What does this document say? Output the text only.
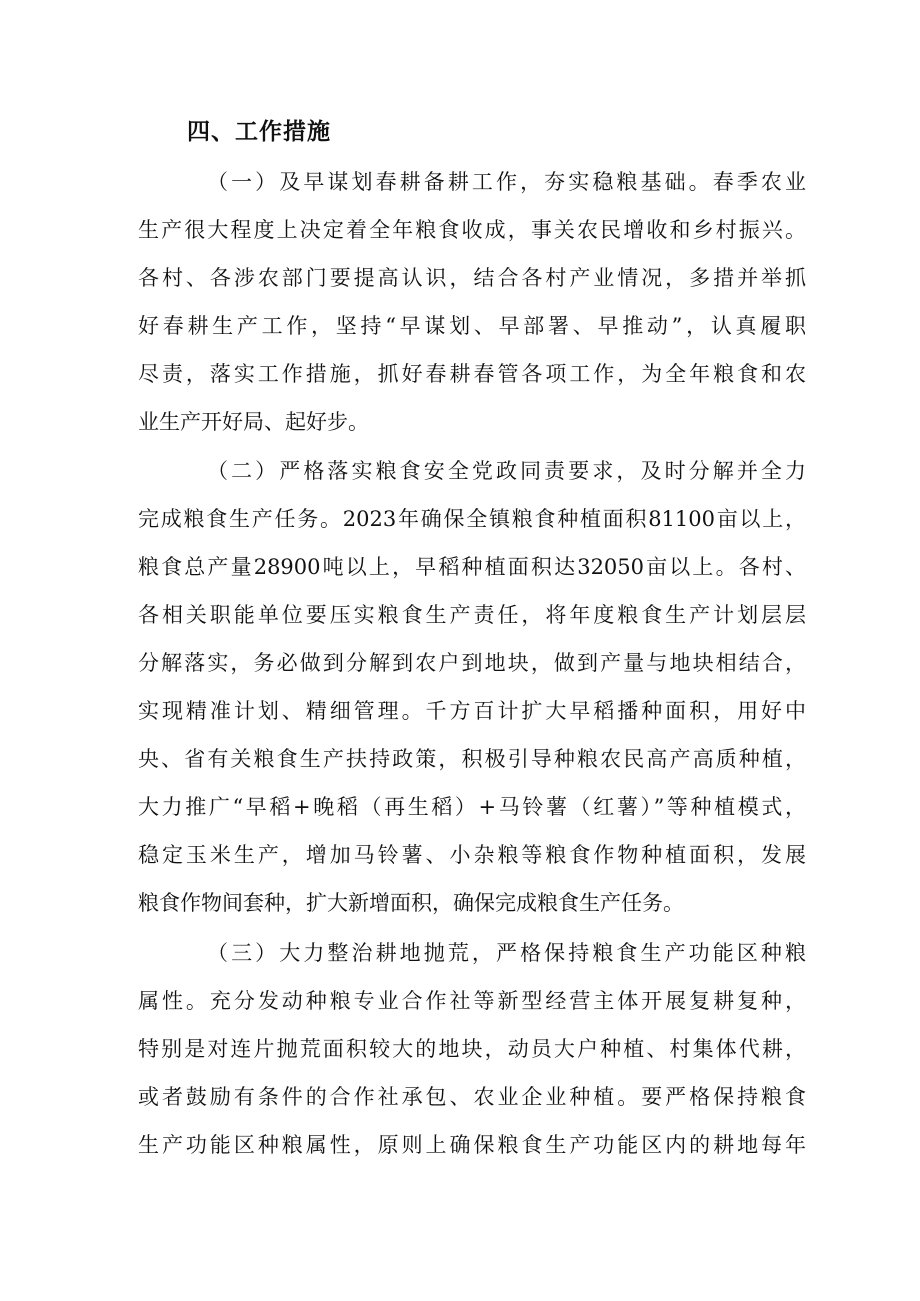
四、工作措施
（一）及早谋划春耕备耕工作，夯实稳粮基础。春季农业
生产很大程度上决定着全年粮食收成，事关农民增收和乡村振兴。
各村、各涉农部门要提高认识，结合各村产业情况，多措并举抓
好春耕生产工作，坚持“早谋划、早部署、早推动”，认真履职
尽责，落实工作措施，抓好春耕春管各项工作，为全年粮食和农
业生产开好局、起好步。
（二）严格落实粮食安全党政同责要求，及时分解并全力
完成粮食生产任务。2023年确保全镇粮食种植面积81100亩以上，
粮食总产量28900吨以上，早稻种植面积达32050亩以上。各村、
各相关职能单位要压实粮食生产责任，将年度粮食生产计划层层
分解落实，务必做到分解到农户到地块，做到产量与地块相结合，
实现精准计划、精细管理。千方百计扩大早稻播种面积，用好中
央、省有关粮食生产扶持政策，积极引导种粮农民高产高质种植，
大力推广“早稻+晚稻（再生稻）+马铃薯（红薯）”等种植模式，
稳定玉米生产，增加马铃薯、小杂粮等粮食作物种植面积，发展
粮食作物间套种，扩大新增面积，确保完成粮食生产任务。
（三）大力整治耕地抛荒，严格保持粮食生产功能区种粮
属性。充分发动种粮专业合作社等新型经营主体开展复耕复种，
特别是对连片抛荒面积较大的地块，动员大户种植、村集体代耕，
或者鼓励有条件的合作社承包、农业企业种植。要严格保持粮食
生产功能区种粮属性，原则上确保粮食生产功能区内的耕地每年
